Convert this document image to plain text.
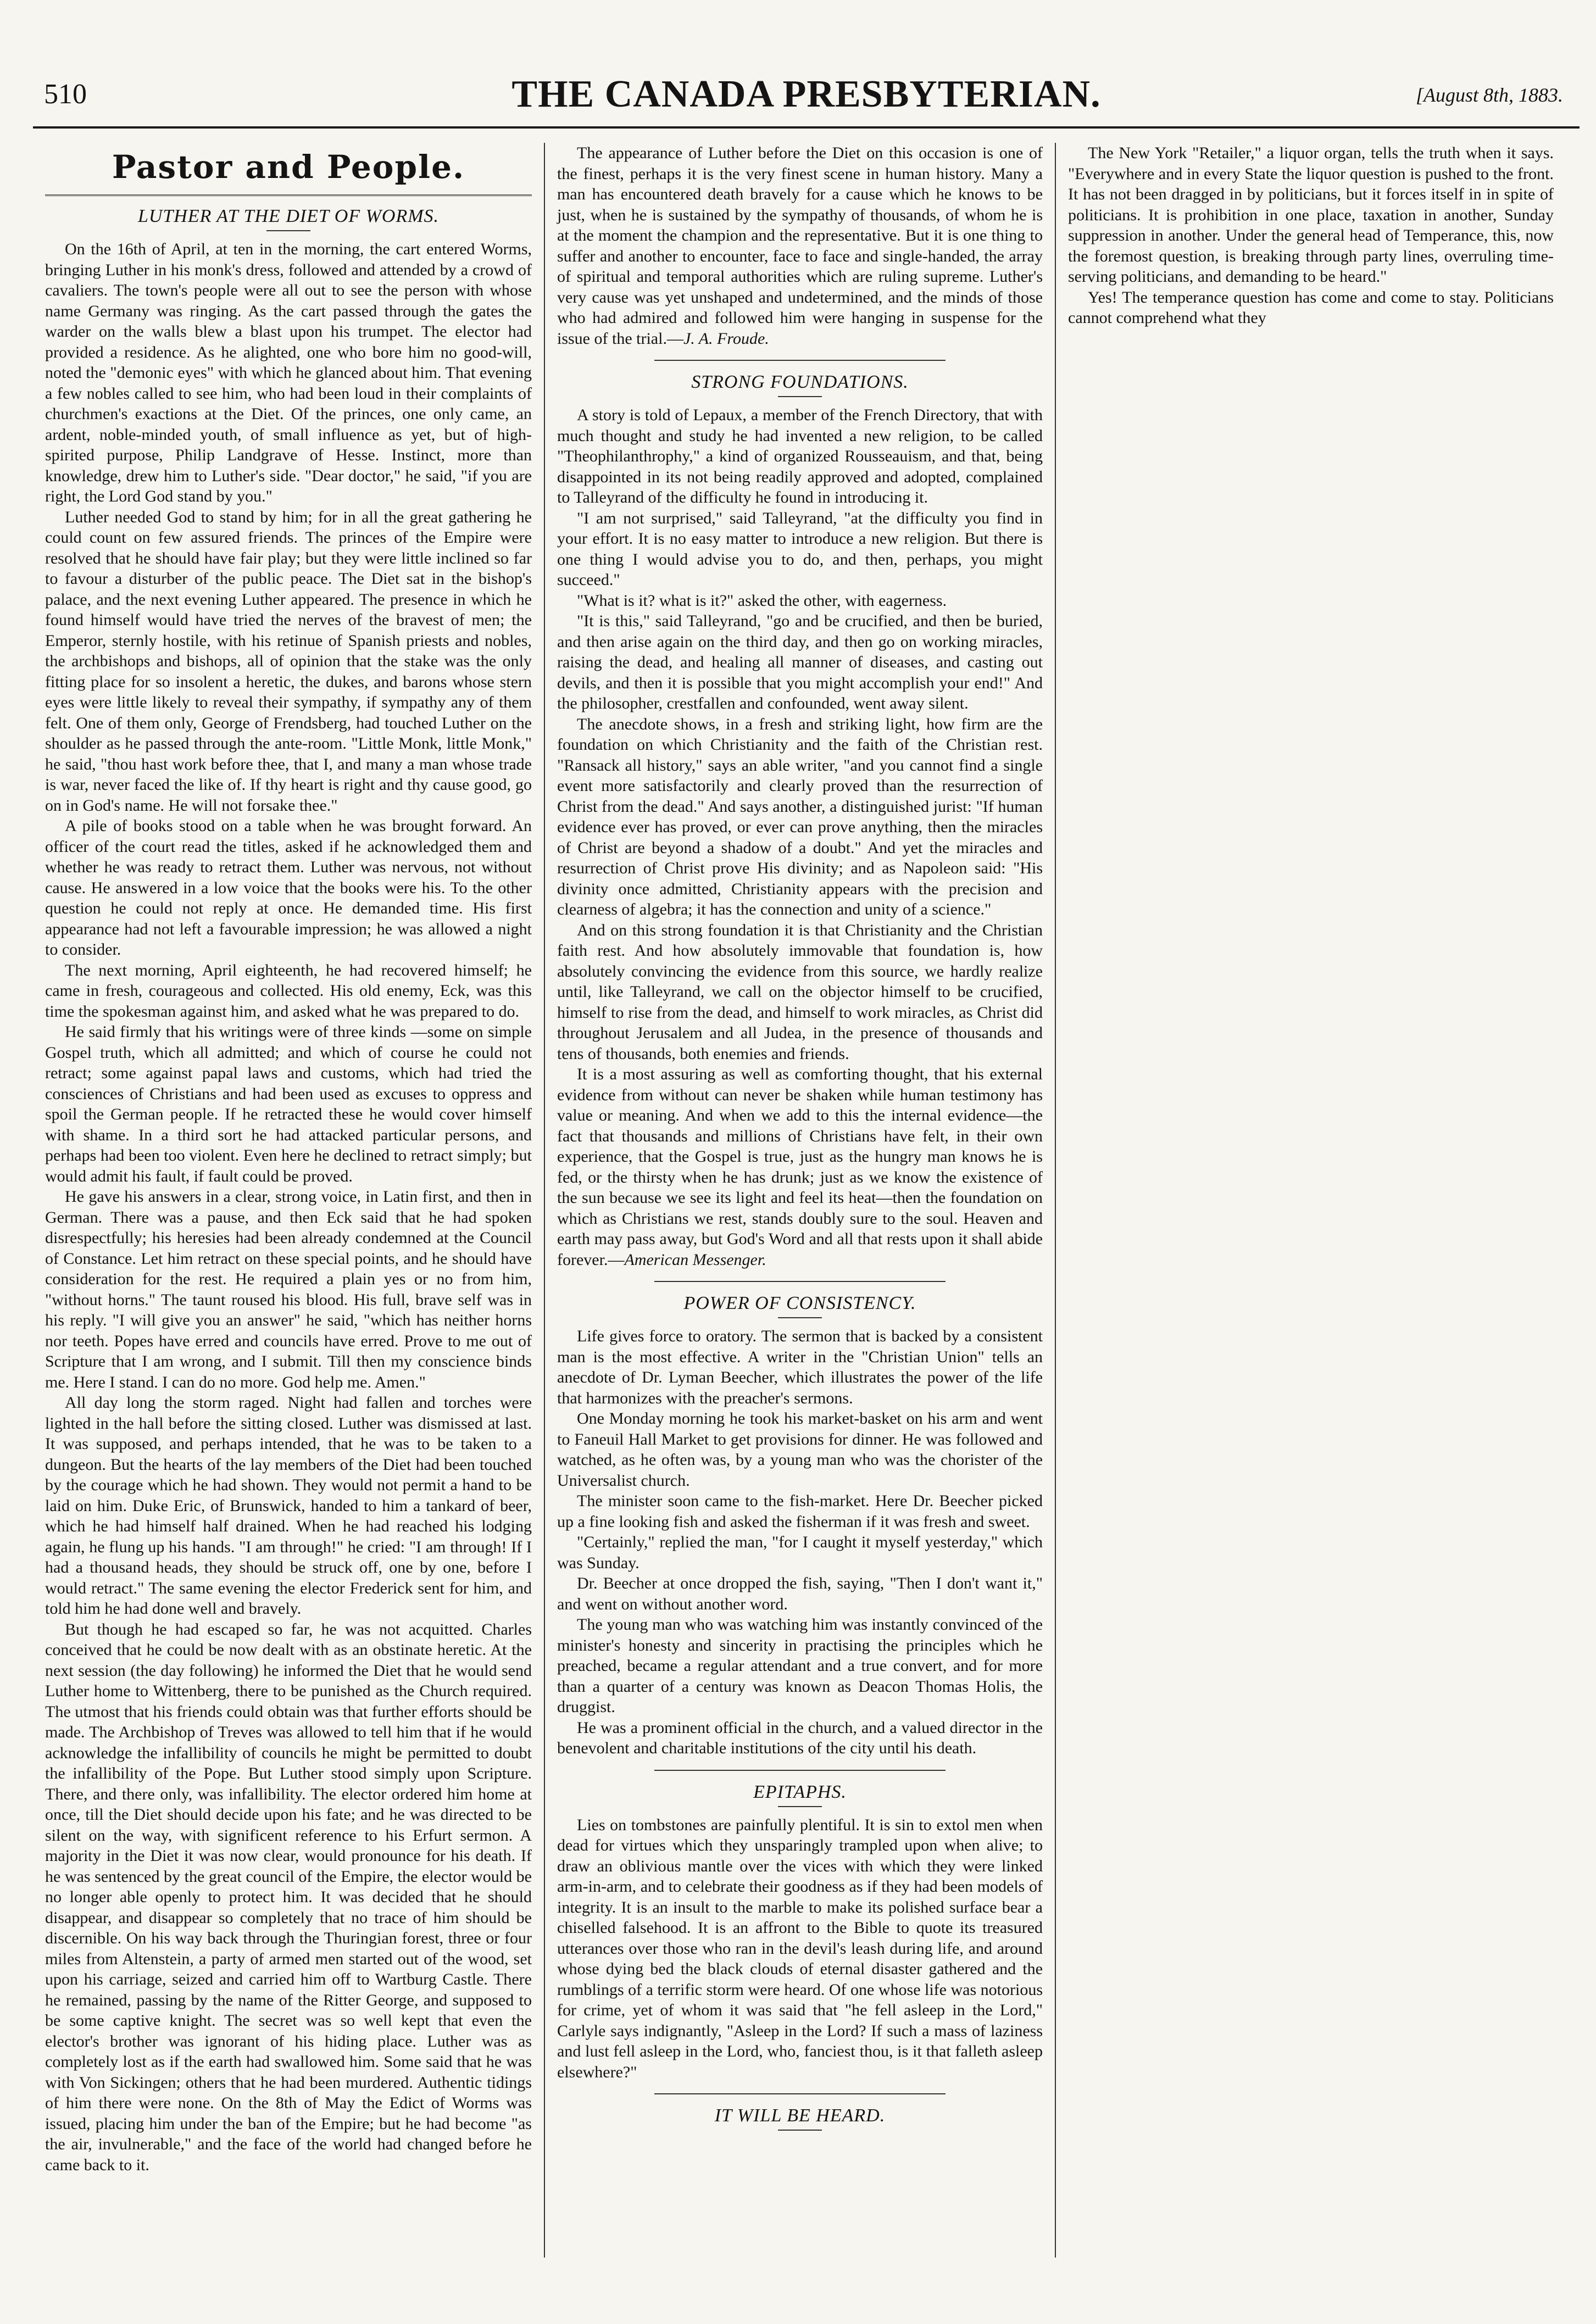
510	THE CANADA PRESBYTERIAN.	[August 8th, 1883.
Pastor and People.
LUTHER AT THE DIET OF WORMS.

On the 16th of April, at ten in the morning, the cart entered Worms, bringing Luther in his monk's dress, followed and attended by a crowd of cavaliers. The town's people were all out to see the person with whose name Germany was ringing. As the cart passed through the gates the warder on the walls blew a blast upon his trumpet. The elector had provided a residence. As he alighted, one who bore him no good-will, noted the "demonic eyes" with which he glanced about him. That evening a few nobles called to see him, who had been loud in their complaints of churchmen's exactions at the Diet. Of the princes, one only came, an ardent, noble-minded youth, of small influence as yet, but of high-spirited purpose, Philip Landgrave of Hesse. Instinct, more than knowledge, drew him to Luther's side. "Dear doctor," he said, "if you are right, the Lord God stand by you."

Luther needed God to stand by him; for in all the great gathering he could count on few assured friends. The princes of the Empire were resolved that he should have fair play; but they were little inclined so far to favour a disturber of the public peace. The Diet sat in the bishop's palace, and the next evening Luther appeared. The presence in which he found himself would have tried the nerves of the bravest of men; the Emperor, sternly hostile, with his retinue of Spanish priests and nobles, the archbishops and bishops, all of opinion that the stake was the only fitting place for so insolent a heretic, the dukes, and barons whose stern eyes were little likely to reveal their sympathy, if sympathy any of them felt. One of them only, George of Frendsberg, had touched Luther on the shoulder as he passed through the ante-room. "Little Monk, little Monk," he said, "thou hast work before thee, that I, and many a man whose trade is war, never faced the like of. If thy heart is right and thy cause good, go on in God's name. He will not forsake thee."

A pile of books stood on a table when he was brought forward. An officer of the court read the titles, asked if he acknowledged them and whether he was ready to retract them. Luther was nervous, not without cause. He answered in a low voice that the books were his. To the other question he could not reply at once. He demanded time. His first appearance had not left a favourable impression; he was allowed a night to consider.

The next morning, April eighteenth, he had recovered himself; he came in fresh, courageous and collected. His old enemy, Eck, was this time the spokesman against him, and asked what he was prepared to do.

He said firmly that his writings were of three kinds —some on simple Gospel truth, which all admitted; and which of course he could not retract; some against papal laws and customs, which had tried the consciences of Christians and had been used as excuses to oppress and spoil the German people. If he retracted these he would cover himself with shame. In a third sort he had attacked particular persons, and perhaps had been too violent. Even here he declined to retract simply; but would admit his fault, if fault could be proved.

He gave his answers in a clear, strong voice, in Latin first, and then in German. There was a pause, and then Eck said that he had spoken disrespectfully; his heresies had been already condemned at the Council of Constance. Let him retract on these special points, and he should have consideration for the rest. He required a plain yes or no from him, "without horns." The taunt roused his blood. His full, brave self was in his reply. "I will give you an answer" he said, "which has neither horns nor teeth. Popes have erred and councils have erred. Prove to me out of Scripture that I am wrong, and I submit. Till then my conscience binds me. Here I stand. I can do no more. God help me. Amen."

All day long the storm raged. Night had fallen and torches were lighted in the hall before the sitting closed. Luther was dismissed at last. It was supposed, and perhaps intended, that he was to be taken to a dungeon. But the hearts of the lay members of the Diet had been touched by the courage which he had shown. They would not permit a hand to be laid on him. Duke Eric, of Brunswick, handed to him a tankard of beer, which he had himself half drained. When he had reached his lodging again, he flung up his hands. "I am through!" he cried: "I am through! If I had a thousand heads, they should be struck off, one by one, before I would retract." The same evening the elector Frederick sent for him, and told him he had done well and bravely.

But though he had escaped so far, he was not acquitted. Charles conceived that he could be now dealt with as an obstinate heretic. At the next session (the day following) he informed the Diet that he would send Luther home to Wittenberg, there to be punished as the Church required. The utmost that his friends could obtain was that further efforts should be made. The Archbishop of Treves was allowed to tell him that if he would acknowledge the infallibility of councils he might be permitted to doubt the infallibility of the Pope. But Luther stood simply upon Scripture. There, and there only, was infallibility. The elector ordered him home at once, till the Diet should decide upon his fate; and he was directed to be silent on the way, with significent reference to his Erfurt sermon. A majority in the Diet it was now clear, would pronounce for his death. If he was sentenced by the great council of the Empire, the elector would be no longer able openly to protect him. It was decided that he should disappear, and disappear so completely that no trace of him should be discernible. On his way back through the Thuringian forest, three or four miles from Altenstein, a party of armed men started out of the wood, set upon his carriage, seized and carried him off to Wartburg Castle. There he remained, passing by the name of the Ritter George, and supposed to be some captive knight. The secret was so well kept that even the elector's brother was ignorant of his hiding place. Luther was as completely lost as if the earth had swallowed him. Some said that he was with Von Sickingen; others that he had been murdered. Authentic tidings of him there were none. On the 8th of May the Edict of Worms was issued, placing him under the ban of the Empire; but he had become "as the air, invulnerable," and the face of the world had changed before he came back to it.

The appearance of Luther before the Diet on this occasion is one of the finest, perhaps it is the very finest scene in human history. Many a man has encountered death bravely for a cause which he knows to be just, when he is sustained by the sympathy of thousands, of whom he is at the moment the champion and the representative. But it is one thing to suffer and another to encounter, face to face and single-handed, the array of spiritual and temporal authorities which are ruling supreme. Luther's very cause was yet unshaped and undetermined, and the minds of those who had admired and followed him were hanging in suspense for the issue of the trial.—J. A. Froude.

STRONG FOUNDATIONS.

A story is told of Lepaux, a member of the French Directory, that with much thought and study he had invented a new religion, to be called "Theophilanthrophy," a kind of organized Rousseauism, and that, being disappointed in its not being readily approved and adopted, complained to Talleyrand of the difficulty he found in introducing it.

"I am not surprised," said Talleyrand, "at the difficulty you find in your effort. It is no easy matter to introduce a new religion. But there is one thing I would advise you to do, and then, perhaps, you might succeed."

"What is it? what is it?" asked the other, with eagerness.

"It is this," said Talleyrand, "go and be crucified, and then be buried, and then arise again on the third day, and then go on working miracles, raising the dead, and healing all manner of diseases, and casting out devils, and then it is possible that you might accomplish your end!" And the philosopher, crestfallen and confounded, went away silent.

The anecdote shows, in a fresh and striking light, how firm are the foundation on which Christianity and the faith of the Christian rest. "Ransack all history," says an able writer, "and you cannot find a single event more satisfactorily and clearly proved than the resurrection of Christ from the dead." And says another, a distinguished jurist: "If human evidence ever has proved, or ever can prove anything, then the miracles of Christ are beyond a shadow of a doubt." And yet the miracles and resurrection of Christ prove His divinity; and as Napoleon said: "His divinity once admitted, Christianity appears with the precision and clearness of algebra; it has the connection and unity of a science."

And on this strong foundation it is that Christianity and the Christian faith rest. And how absolutely immovable that foundation is, how absolutely convincing the evidence from this source, we hardly realize until, like Talleyrand, we call on the objector himself to be crucified, himself to rise from the dead, and himself to work miracles, as Christ did throughout Jerusalem and all Judea, in the presence of thousands and tens of thousands, both enemies and friends.

It is a most assuring as well as comforting thought, that his external evidence from without can never be shaken while human testimony has value or meaning. And when we add to this the internal evidence—the fact that thousands and millions of Christians have felt, in their own experience, that the Gospel is true, just as the hungry man knows he is fed, or the thirsty when he has drunk; just as we know the existence of the sun because we see its light and feel its heat—then the foundation on which as Christians we rest, stands doubly sure to the soul. Heaven and earth may pass away, but God's Word and all that rests upon it shall abide forever.—American Messenger.

POWER OF CONSISTENCY.

Life gives force to oratory. The sermon that is backed by a consistent man is the most effective. A writer in the "Christian Union" tells an anecdote of Dr. Lyman Beecher, which illustrates the power of the life that harmonizes with the preacher's sermons.

One Monday morning he took his market-basket on his arm and went to Faneuil Hall Market to get provisions for dinner. He was followed and watched, as he often was, by a young man who was the chorister of the Universalist church.

The minister soon came to the fish-market. Here Dr. Beecher picked up a fine looking fish and asked the fisherman if it was fresh and sweet.

"Certainly," replied the man, "for I caught it myself yesterday," which was Sunday.

Dr. Beecher at once dropped the fish, saying, "Then I don't want it," and went on without another word.

The young man who was watching him was instantly convinced of the minister's honesty and sincerity in practising the principles which he preached, became a regular attendant and a true convert, and for more than a quarter of a century was known as Deacon Thomas Holis, the druggist.

He was a prominent official in the church, and a valued director in the benevolent and charitable institutions of the city until his death.

EPITAPHS.

Lies on tombstones are painfully plentiful. It is sin to extol men when dead for virtues which they unsparingly trampled upon when alive; to draw an oblivious mantle over the vices with which they were linked arm-in-arm, and to celebrate their goodness as if they had been models of integrity. It is an insult to the marble to make its polished surface bear a chiselled falsehood. It is an affront to the Bible to quote its treasured utterances over those who ran in the devil's leash during life, and around whose dying bed the black clouds of eternal disaster gathered and the rumblings of a terrific storm were heard. Of one whose life was notorious for crime, yet of whom it was said that "he fell asleep in the Lord," Carlyle says indignantly, "Asleep in the Lord? If such a mass of laziness and lust fell asleep in the Lord, who, fanciest thou, is it that falleth asleep elsewhere?"

IT WILL BE HEARD.

The New York "Retailer," a liquor organ, tells the truth when it says. "Everywhere and in every State the liquor question is pushed to the front. It has not been dragged in by politicians, but it forces itself in in spite of politicians. It is prohibition in one place, taxation in another, Sunday suppression in another. Under the general head of Temperance, this, now the foremost question, is breaking through party lines, overruling time-serving politicians, and demanding to be heard."

Yes! The temperance question has come and come to stay. Politicians cannot comprehend what they
